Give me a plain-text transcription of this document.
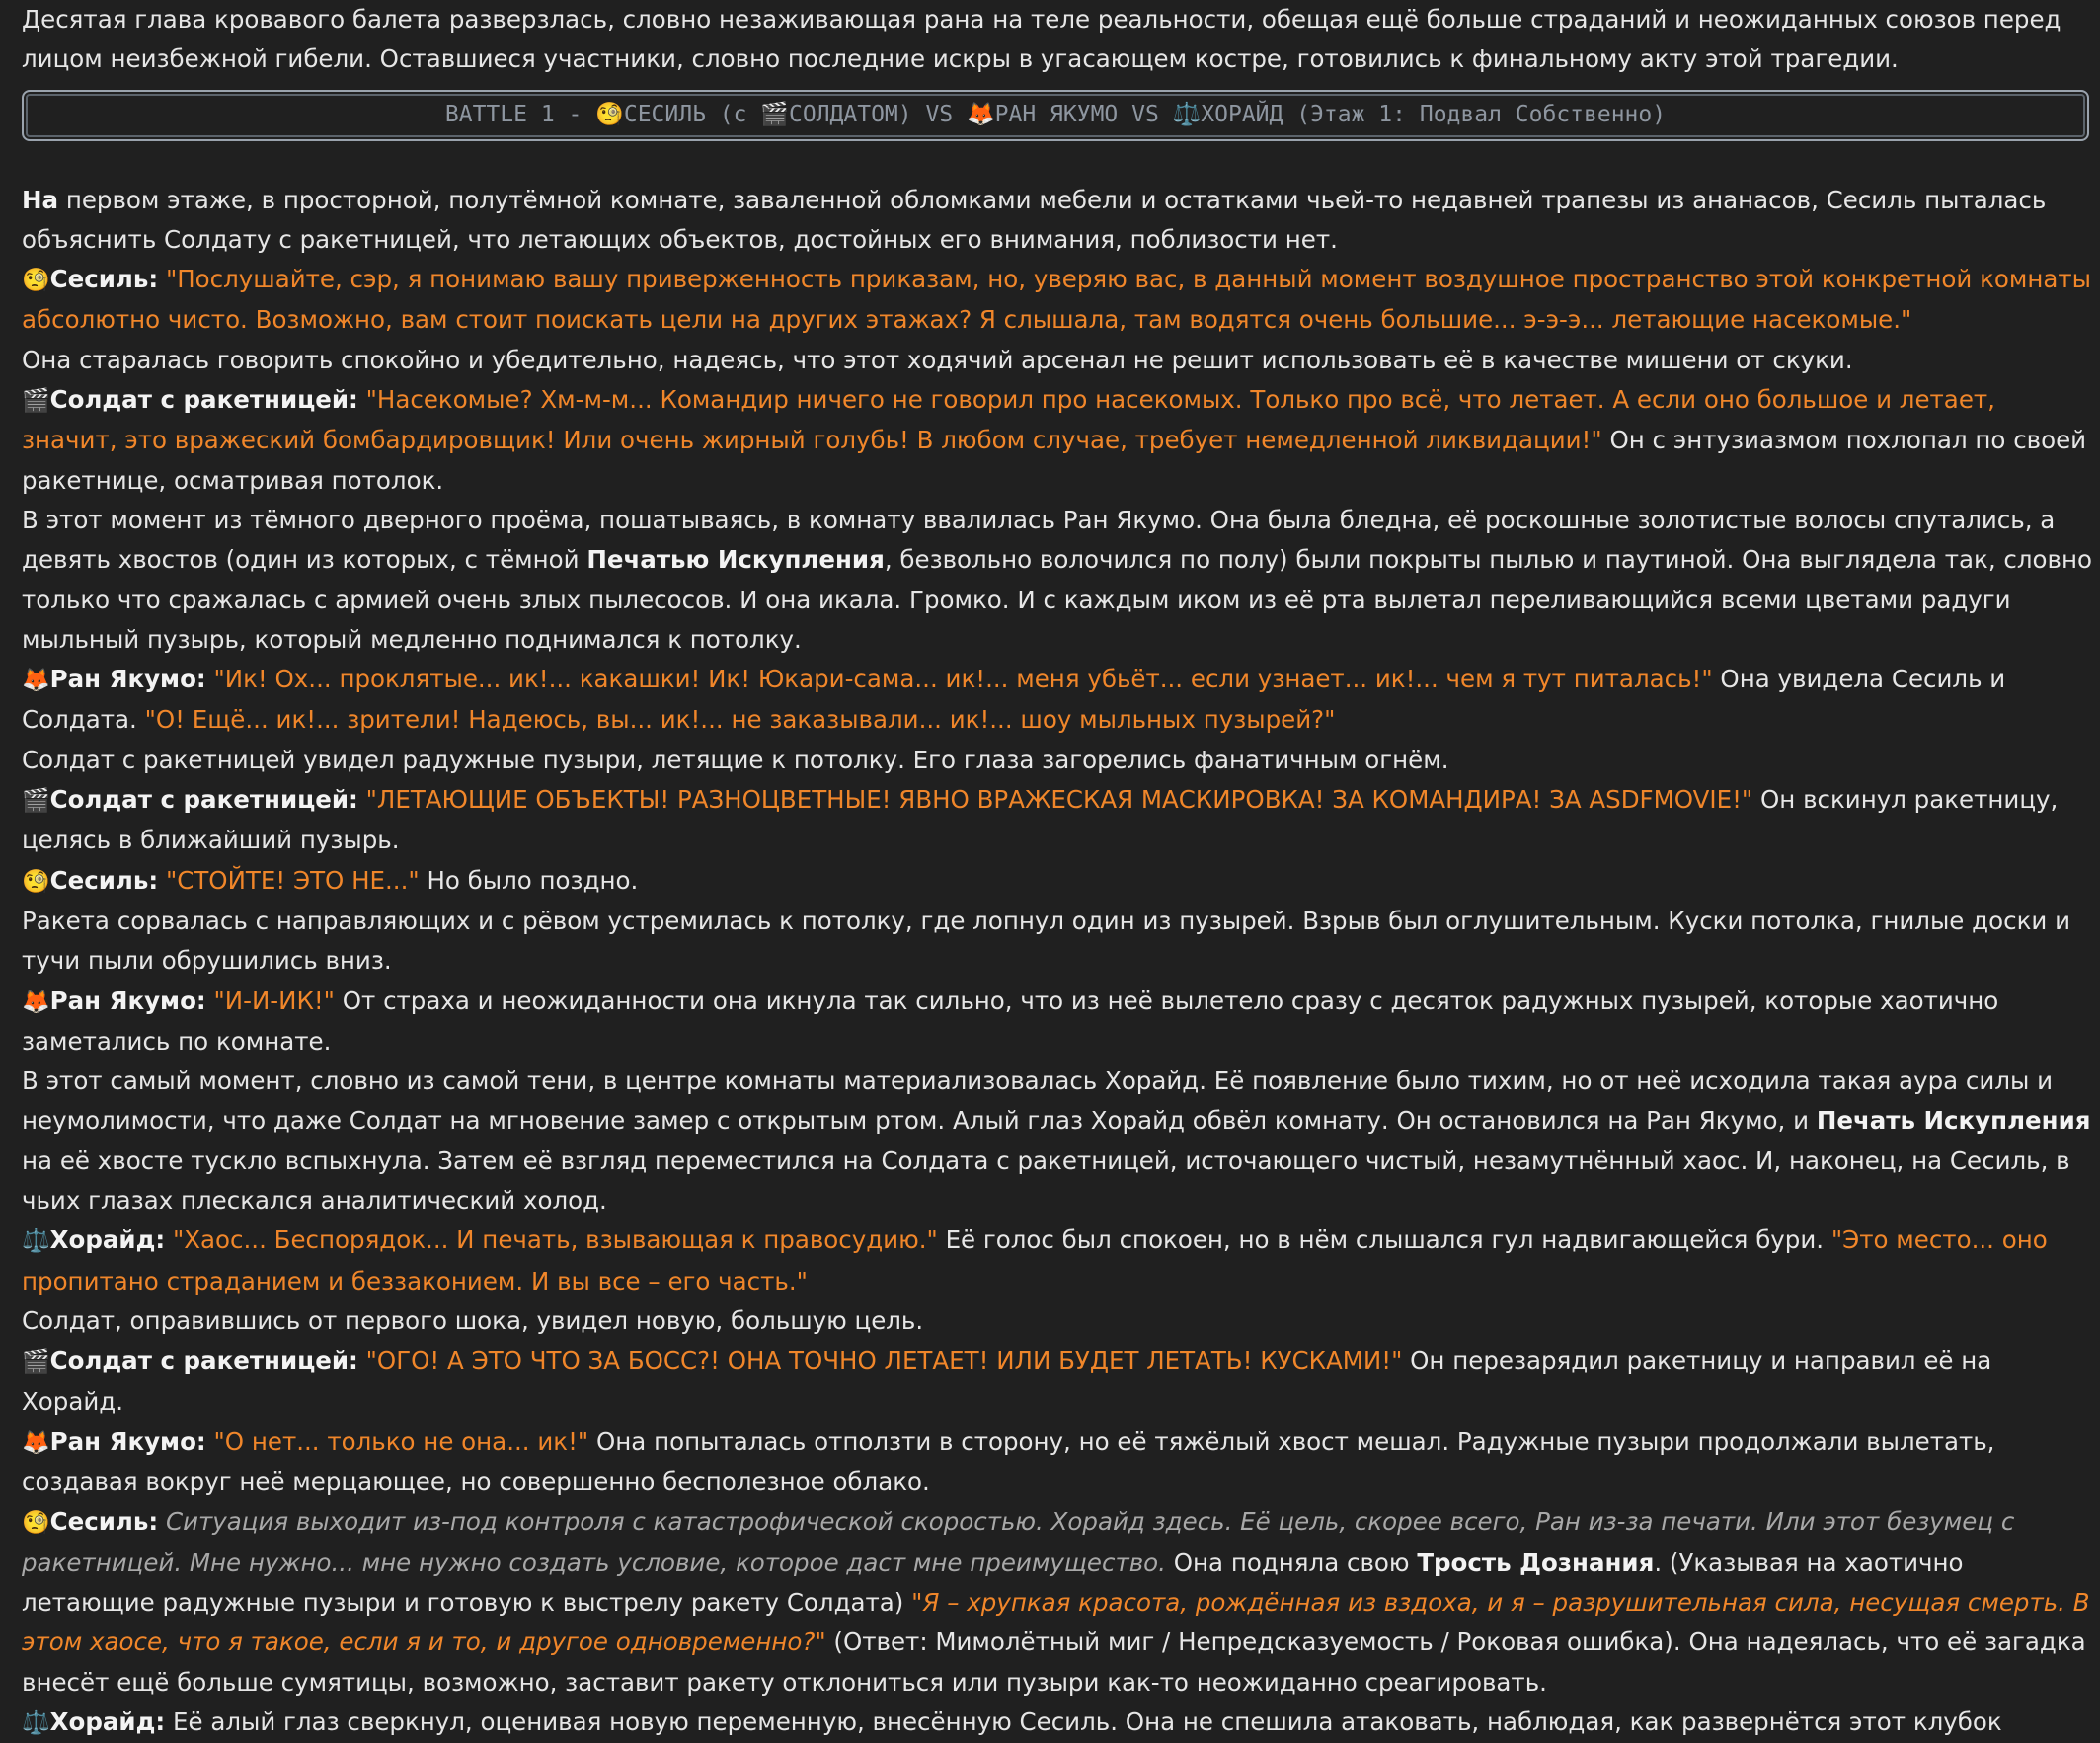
Десятая глава кровавого балета разверзлась, словно незаживающая рана на теле реальности, обещая ещё больше страданий и неожиданных союзов перед лицом неизбежной гибели. Оставшиеся участники, словно последние искры в угасающем костре, готовились к финальному акту этой трагедии.

BATTLE 1 - 🧐СЕСИЛЬ (с 🎬СОЛДАТОМ) VS 🦊РАН ЯКУМО VS ⚖️ХОРАЙД (Этаж 1: Подвал Собственно)

На первом этаже, в просторной, полутёмной комнате, заваленной обломками мебели и остатками чьей-то недавней трапезы из ананасов, Сесиль пыталась объяснить Солдату с ракетницей, что летающих объектов, достойных его внимания, поблизости нет.

🧐Сесиль: "Послушайте, сэр, я понимаю вашу приверженность приказам, но, уверяю вас, в данный момент воздушное пространство этой конкретной комнаты абсолютно чисто. Возможно, вам стоит поискать цели на других этажах? Я слышала, там водятся очень большие... э-э-э... летающие насекомые."

Она старалась говорить спокойно и убедительно, надеясь, что этот ходячий арсенал не решит использовать её в качестве мишени от скуки.

🎬Солдат с ракетницей: "Насекомые? Хм-м-м... Командир ничего не говорил про насекомых. Только про всё, что летает. А если оно большое и летает, значит, это вражеский бомбардировщик! Или очень жирный голубь! В любом случае, требует немедленной ликвидации!" Он с энтузиазмом похлопал по своей ракетнице, осматривая потолок.

В этот момент из тёмного дверного проёма, пошатываясь, в комнату ввалилась Ран Якумо. Она была бледна, её роскошные золотистые волосы спутались, а девять хвостов (один из которых, с тёмной Печатью Искупления, безвольно волочился по полу) были покрыты пылью и паутиной. Она выглядела так, словно только что сражалась с армией очень злых пылесосов. И она икала. Громко. И с каждым иком из её рта вылетал переливающийся всеми цветами радуги мыльный пузырь, который медленно поднимался к потолку.

🦊Ран Якумо: "Ик! Ох... проклятые... ик!... какашки! Ик! Юкари-сама... ик!... меня убьёт... если узнает... ик!... чем я тут питалась!" Она увидела Сесиль и Солдата. "О! Ещё... ик!... зрители! Надеюсь, вы... ик!... не заказывали... ик!... шоу мыльных пузырей?"

Солдат с ракетницей увидел радужные пузыри, летящие к потолку. Его глаза загорелись фанатичным огнём.

🎬Солдат с ракетницей: "ЛЕТАЮЩИЕ ОБЪЕКТЫ! РАЗНОЦВЕТНЫЕ! ЯВНО ВРАЖЕСКАЯ МАСКИРОВКА! ЗА КОМАНДИРА! ЗА ASDFMOVIE!" Он вскинул ракетницу, целясь в ближайший пузырь.

🧐Сесиль: "СТОЙТЕ! ЭТО НЕ..." Но было поздно.

Ракета сорвалась с направляющих и с рёвом устремилась к потолку, где лопнул один из пузырей. Взрыв был оглушительным. Куски потолка, гнилые доски и тучи пыли обрушились вниз.

🦊Ран Якумо: "И-И-ИК!" От страха и неожиданности она икнула так сильно, что из неё вылетело сразу с десяток радужных пузырей, которые хаотично заметались по комнате.

В этот самый момент, словно из самой тени, в центре комнаты материализовалась Хорайд. Её появление было тихим, но от неё исходила такая аура силы и неумолимости, что даже Солдат на мгновение замер с открытым ртом. Алый глаз Хорайд обвёл комнату. Он остановился на Ран Якумо, и Печать Искупления на её хвосте тускло вспыхнула. Затем её взгляд переместился на Солдата с ракетницей, источающего чистый, незамутнённый хаос. И, наконец, на Сесиль, в чьих глазах плескался аналитический холод.

⚖️Хорайд: "Хаос... Беспорядок... И печать, взывающая к правосудию." Её голос был спокоен, но в нём слышался гул надвигающейся бури. "Это место... оно пропитано страданием и беззаконием. И вы все – его часть."

Солдат, оправившись от первого шока, увидел новую, большую цель.

🎬Солдат с ракетницей: "ОГО! А ЭТО ЧТО ЗА БОСС?! ОНА ТОЧНО ЛЕТАЕТ! ИЛИ БУДЕТ ЛЕТАТЬ! КУСКАМИ!" Он перезарядил ракетницу и направил её на Хорайд.

🦊Ран Якумо: "О нет... только не она... ик!" Она попыталась отползти в сторону, но её тяжёлый хвост мешал. Радужные пузыри продолжали вылетать, создавая вокруг неё мерцающее, но совершенно бесполезное облако.

🧐Сесиль: Ситуация выходит из-под контроля с катастрофической скоростью. Хорайд здесь. Её цель, скорее всего, Ран из-за печати. Или этот безумец с ракетницей. Мне нужно... мне нужно создать условие, которое даст мне преимущество. Она подняла свою Трость Дознания. (Указывая на хаотично летающие радужные пузыри и готовую к выстрелу ракету Солдата) "Я – хрупкая красота, рождённая из вздоха, и я – разрушительная сила, несущая смерть. В этом хаосе, что я такое, если я и то, и другое одновременно?" (Ответ: Мимолётный миг / Непредсказуемость / Роковая ошибка). Она надеялась, что её загадка внесёт ещё больше сумятицы, возможно, заставит ракету отклониться или пузыри как-то неожиданно среагировать.

⚖️Хорайд: Её алый глаз сверкнул, оценивая новую переменную, внесённую Сесиль. Она не спешила атаковать, наблюдая, как развернётся этот клубок
